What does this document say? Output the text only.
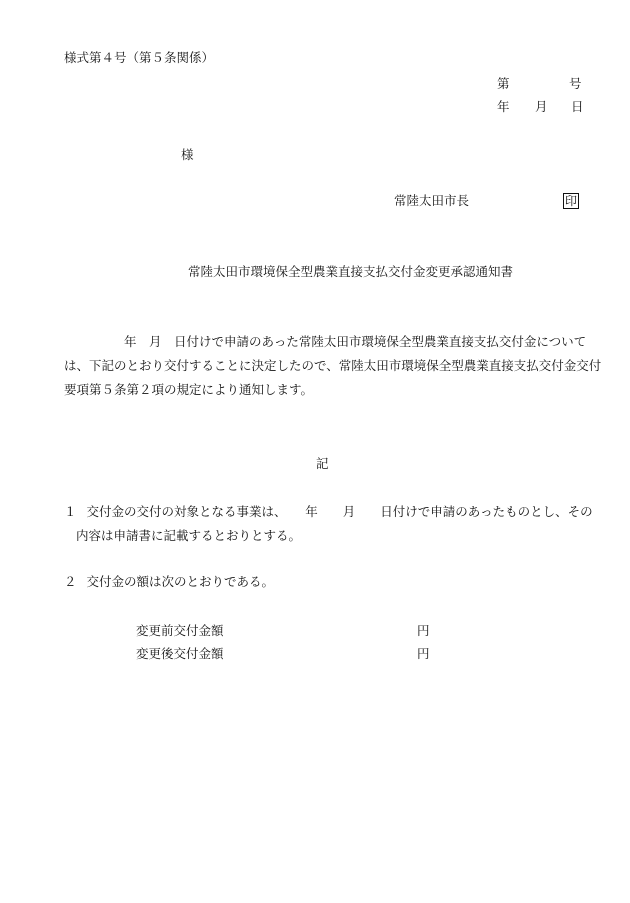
様式第４号（第５条関係）
第	号
年 月 日
様
常陸太田市長	印
常陸太田市環境保全型農業直接支払交付金変更承認通知書

年　月　日付けで申請のあった常陸太田市環境保全型農業直接支払交付金について

は、下記のとおり交付することに決定したので、常陸太田市環境保全型農業直接支払交付金交付

要項第５条第２項の規定により通知します。

記

１ 交付金の交付の対象となる事業は、　　年　　月　　日付けで申請のあったものとし、その

内容は申請書に記載するとおりとする。

２ 交付金の額は次のとおりである。

変更前交付金額	円
変更後交付金額	円
